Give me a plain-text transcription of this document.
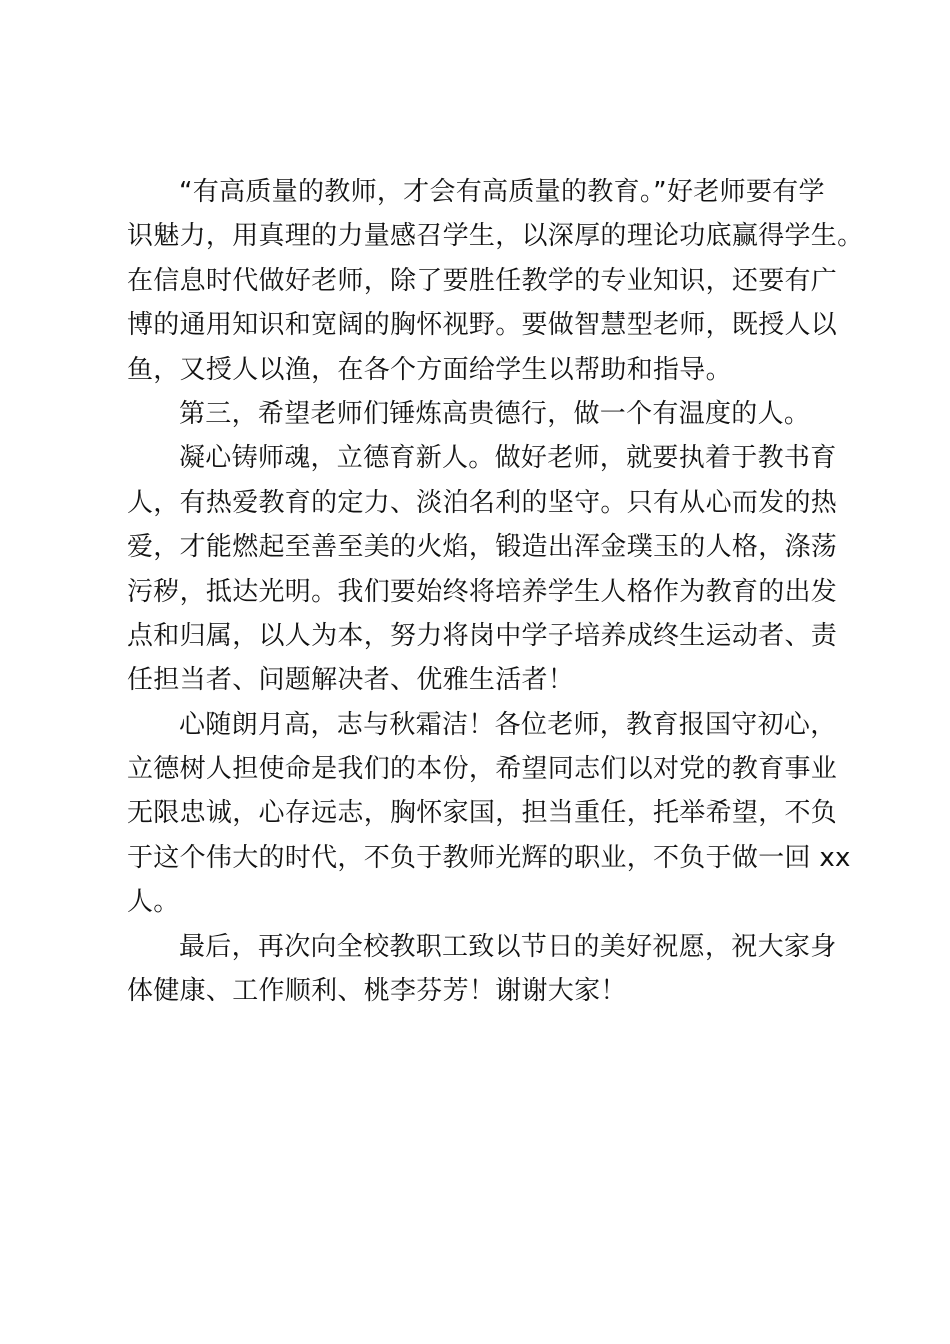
“有高质量的教师，才会有高质量的教育。”好老师要有学
识魅力，用真理的力量感召学生，以深厚的理论功底赢得学生。
在信息时代做好老师，除了要胜任教学的专业知识，还要有广
博的通用知识和宽阔的胸怀视野。要做智慧型老师，既授人以
鱼，又授人以渔，在各个方面给学生以帮助和指导。
第三，希望老师们锤炼高贵德行，做一个有温度的人。
凝心铸师魂，立德育新人。做好老师，就要执着于教书育
人，有热爱教育的定力、淡泊名利的坚守。只有从心而发的热
爱，才能燃起至善至美的火焰，锻造出浑金璞玉的人格，涤荡
污秽，抵达光明。我们要始终将培养学生人格作为教育的出发
点和归属，以人为本，努力将岗中学子培养成终生运动者、责
任担当者、问题解决者、优雅生活者！
心随朗月高，志与秋霜洁！各位老师，教育报国守初心，
立德树人担使命是我们的本份，希望同志们以对党的教育事业
无限忠诚，心存远志，胸怀家国，担当重任，托举希望，不负
于这个伟大的时代，不负于教师光辉的职业，不负于做一回 xx
人。
最后，再次向全校教职工致以节日的美好祝愿，祝大家身
体健康、工作顺利、桃李芬芳！谢谢大家！
